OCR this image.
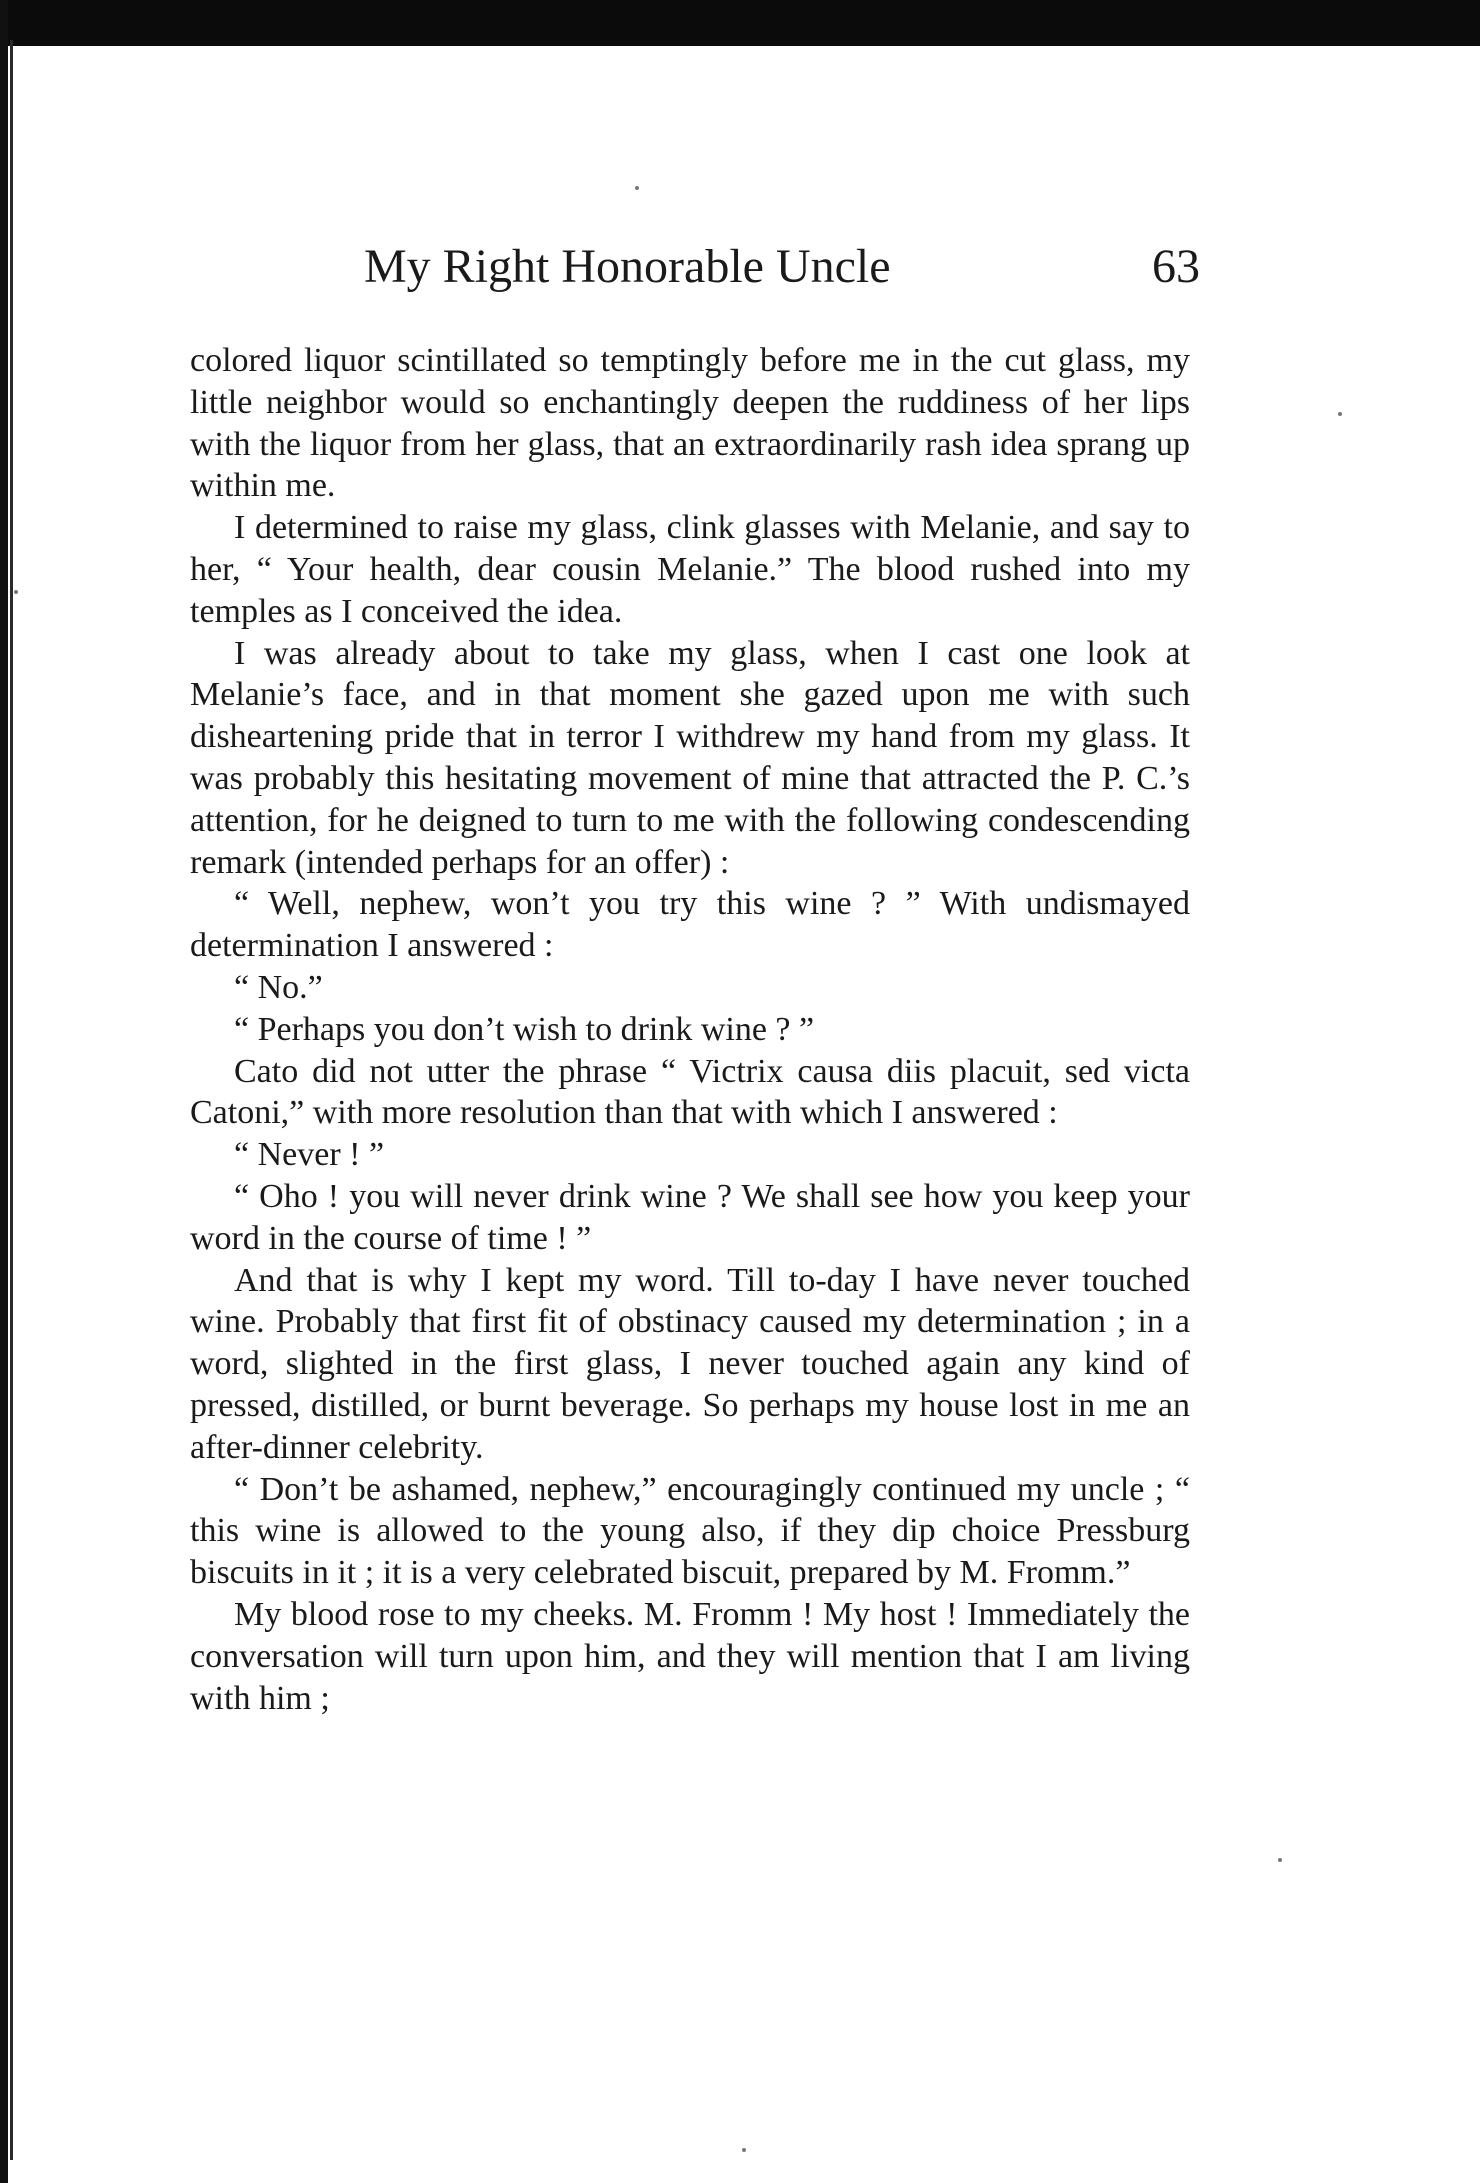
My Right Honorable Uncle	63

colored liquor scintillated so temptingly before me in the cut glass, my little neighbor would so enchantingly deepen the ruddiness of her lips with the liquor from her glass, that an extraordinarily rash idea sprang up within me.

I determined to raise my glass, clink glasses with Melanie, and say to her, “ Your health, dear cousin Melanie.” The blood rushed into my temples as I conceived the idea.

I was already about to take my glass, when I cast one look at Melanie’s face, and in that moment she gazed upon me with such disheartening pride that in terror I withdrew my hand from my glass. It was probably this hesitating movement of mine that attracted the P. C.’s attention, for he deigned to turn to me with the following condescending remark (intended perhaps for an offer) :

“ Well, nephew, won’t you try this wine ? ” With undismayed determination I answered :

“ No.”

“ Perhaps you don’t wish to drink wine ? ”

Cato did not utter the phrase “ Victrix causa diis placuit, sed victa Catoni,” with more resolution than that with which I answered :

“ Never ! ”

“ Oho ! you will never drink wine ? We shall see how you keep your word in the course of time ! ”

And that is why I kept my word. Till to-day I have never touched wine. Probably that first fit of obstinacy caused my determination ; in a word, slighted in the first glass, I never touched again any kind of pressed, distilled, or burnt beverage. So perhaps my house lost in me an after-dinner celebrity.

“ Don’t be ashamed, nephew,” encouragingly continued my uncle ; “ this wine is allowed to the young also, if they dip choice Pressburg biscuits in it ; it is a very celebrated biscuit, prepared by M. Fromm.”

My blood rose to my cheeks. M. Fromm ! My host ! Immediately the conversation will turn upon him, and they will mention that I am living with him ;
